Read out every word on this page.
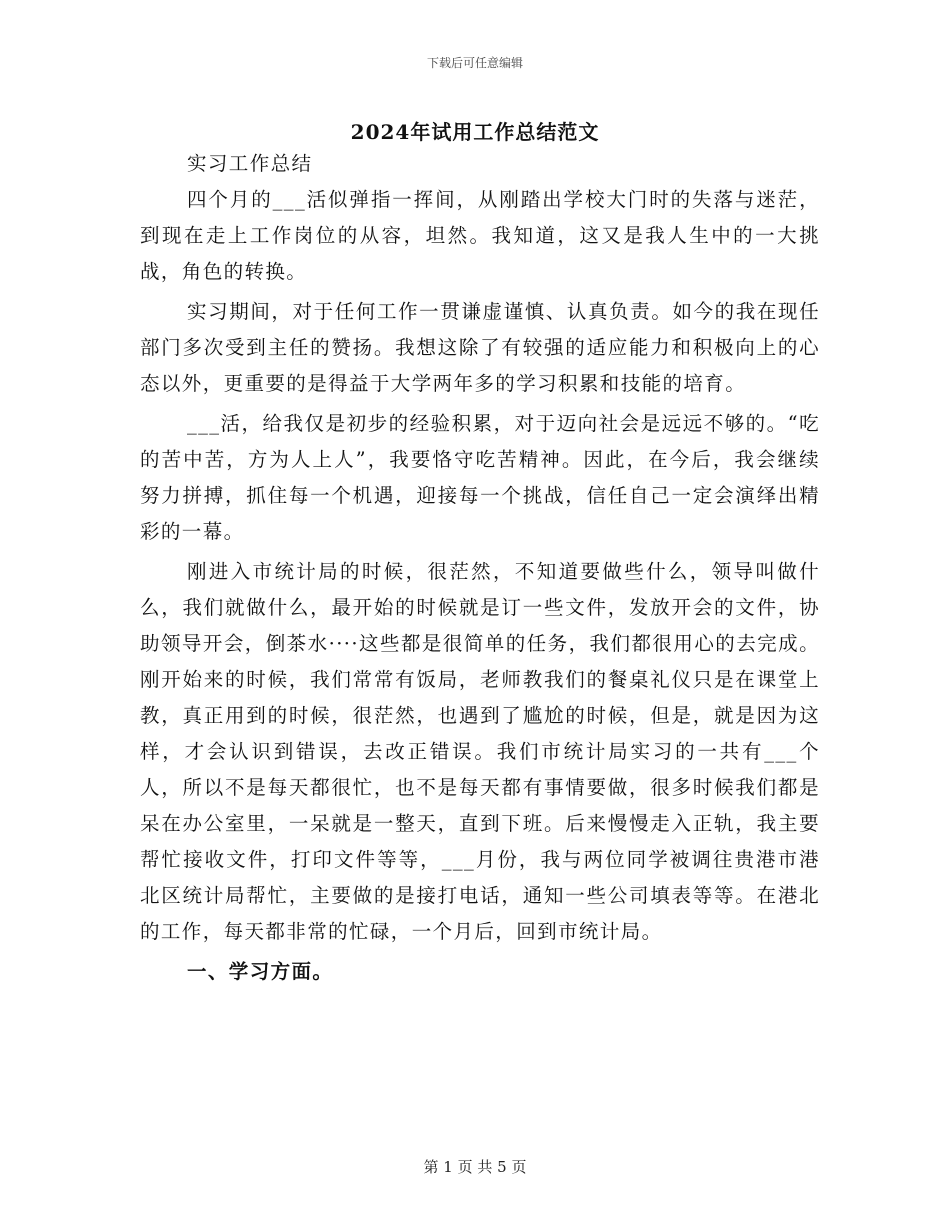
下载后可任意编辑
2024年试用工作总结范文

实习工作总结

四个月的___活似弹指一挥间，从刚踏出学校大门时的失落与迷茫，到现在走上工作岗位的从容，坦然。我知道，这又是我人生中的一大挑战，角色的转换。

实习期间，对于任何工作一贯谦虚谨慎、认真负责。如今的我在现任部门多次受到主任的赞扬。我想这除了有较强的适应能力和积极向上的心态以外，更重要的是得益于大学两年多的学习积累和技能的培育。

___活，给我仅是初步的经验积累，对于迈向社会是远远不够的。“吃的苦中苦，方为人上人”，我要恪守吃苦精神。因此，在今后，我会继续努力拼搏，抓住每一个机遇，迎接每一个挑战，信任自己一定会演绎出精彩的一幕。

刚进入市统计局的时候，很茫然，不知道要做些什么，领导叫做什么，我们就做什么，最开始的时候就是订一些文件，发放开会的文件，协助领导开会，倒茶水····这些都是很简单的任务，我们都很用心的去完成。刚开始来的时候，我们常常有饭局，老师教我们的餐桌礼仪只是在课堂上教，真正用到的时候，很茫然，也遇到了尴尬的时候，但是，就是因为这样，才会认识到错误，去改正错误。我们市统计局实习的一共有___个人，所以不是每天都很忙，也不是每天都有事情要做，很多时候我们都是呆在办公室里，一呆就是一整天，直到下班。后来慢慢走入正轨，我主要帮忙接收文件，打印文件等等，___月份，我与两位同学被调往贵港市港北区统计局帮忙，主要做的是接打电话，通知一些公司填表等等。在港北的工作，每天都非常的忙碌，一个月后，回到市统计局。

一、学习方面。
第 1 页 共 5 页
